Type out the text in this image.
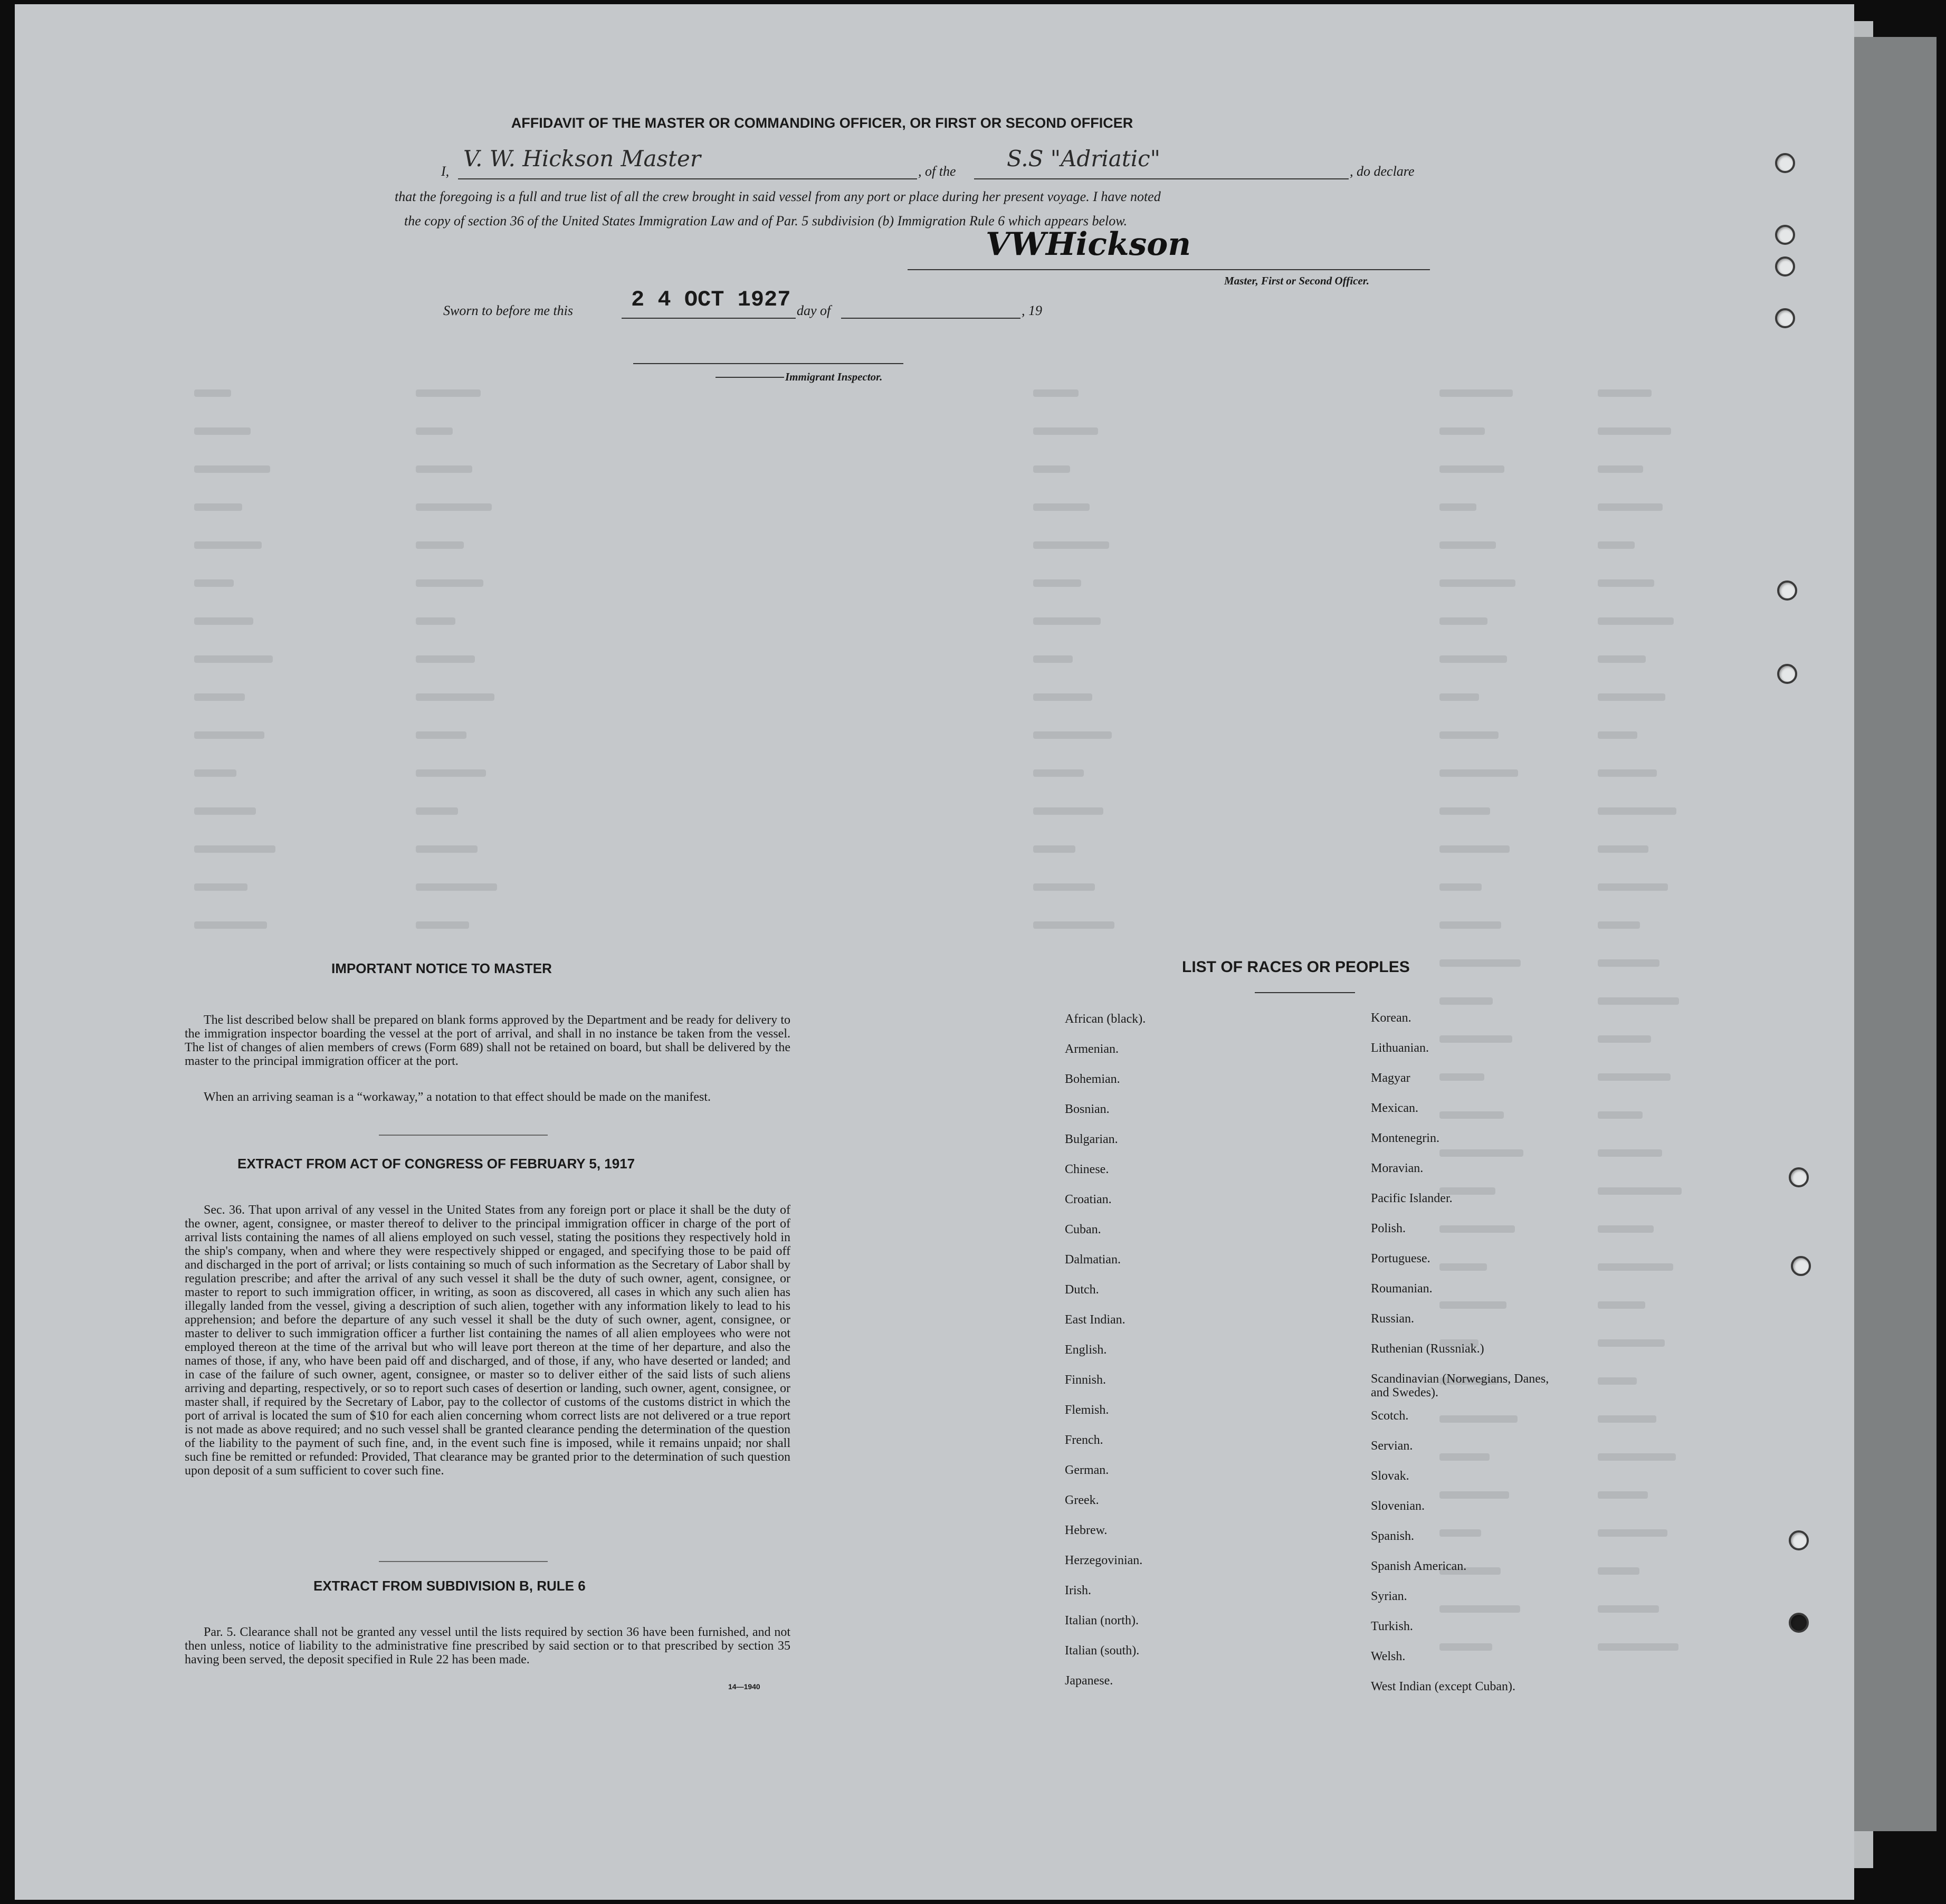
AFFIDAVIT OF THE MASTER OR COMMANDING OFFICER, OR FIRST OR SECOND OFFICER
I, V. W. Hickson Master	, of the S.S "Adriatic"	, do declare
that the foregoing is a full and true list of all the crew brought in said vessel from any port or place during her present voyage. I have noted
the copy of section 36 of the United States Immigration Law and of Par. 5 subdivision (b) Immigration Rule 6 which appears below.
VWHickson
Master, First or Second Officer.
Sworn to before me this	2 4 OCT 1927 day of	, 19
Immigrant Inspector.
IMPORTANT NOTICE TO MASTER
The list described below shall be prepared on blank forms approved by the Department and be ready for delivery to the immigration inspector boarding the vessel at the port of arrival, and shall in no instance be taken from the vessel. The list of changes of alien members of crews (Form 689) shall not be retained on board, but shall be delivered by the master to the principal immigration officer at the port.
When an arriving seaman is a “workaway,” a notation to that effect should be made on the manifest.
EXTRACT FROM ACT OF CONGRESS OF FEBRUARY 5, 1917
Sec. 36. That upon arrival of any vessel in the United States from any foreign port or place it shall be the duty of the owner, agent, consignee, or master thereof to deliver to the principal immigration officer in charge of the port of arrival lists containing the names of all aliens employed on such vessel, stating the positions they respectively hold in the ship's company, when and where they were respectively shipped or engaged, and specifying those to be paid off and discharged in the port of arrival; or lists containing so much of such information as the Secretary of Labor shall by regulation prescribe; and after the arrival of any such vessel it shall be the duty of such owner, agent, consignee, or master to report to such immigration officer, in writing, as soon as discovered, all cases in which any such alien has illegally landed from the vessel, giving a description of such alien, together with any information likely to lead to his apprehension; and before the departure of any such vessel it shall be the duty of such owner, agent, consignee, or master to deliver to such immigration officer a further list containing the names of all alien employees who were not employed thereon at the time of the arrival but who will leave port thereon at the time of her departure, and also the names of those, if any, who have been paid off and discharged, and of those, if any, who have deserted or landed; and in case of the failure of such owner, agent, consignee, or master so to deliver either of the said lists of such aliens arriving and departing, respectively, or so to report such cases of desertion or landing, such owner, agent, consignee, or master shall, if required by the Secretary of Labor, pay to the collector of customs of the customs district in which the port of arrival is located the sum of $10 for each alien concerning whom correct lists are not delivered or a true report is not made as above required; and no such vessel shall be granted clearance pending the determination of the question of the liability to the payment of such fine, and, in the event such fine is imposed, while it remains unpaid; nor shall such fine be remitted or refunded: Provided, That clearance may be granted prior to the determination of such question upon deposit of a sum sufficient to cover such fine.
EXTRACT FROM SUBDIVISION B, RULE 6
Par. 5. Clearance shall not be granted any vessel until the lists required by section 36 have been furnished, and not then unless, notice of liability to the administrative fine prescribed by said section or to that prescribed by section 35 having been served, the deposit specified in Rule 22 has been made.
14—1940
LIST OF RACES OR PEOPLES
African (black).
Armenian.
Bohemian.
Bosnian.
Bulgarian.
Chinese.
Croatian.
Cuban.
Dalmatian.
Dutch.
East Indian.
English.
Finnish.
Flemish.
French.
German.
Greek.
Hebrew.
Herzegovinian.
Irish.
Italian (north).
Italian (south).
Japanese.
Korean.
Lithuanian.
Magyar
Mexican.
Montenegrin.
Moravian.
Pacific Islander.
Polish.
Portuguese.
Roumanian.
Russian.
Ruthenian (Russniak.)
Scandinavian (Norwegians, Danes, and Swedes).
Scotch.
Servian.
Slovak.
Slovenian.
Spanish.
Spanish American.
Syrian.
Turkish.
Welsh.
West Indian (except Cuban).
